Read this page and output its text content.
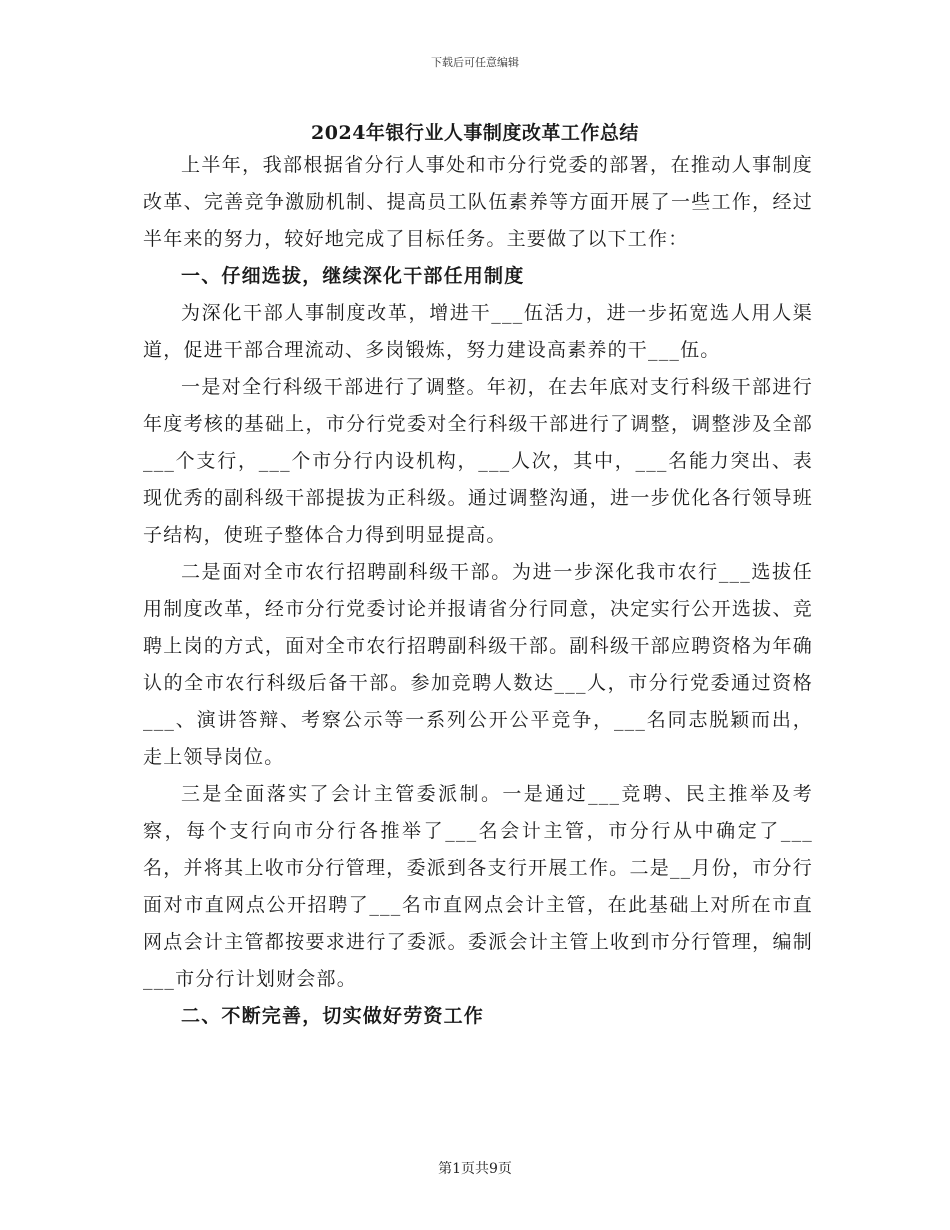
下载后可任意编辑
2024年银行业人事制度改革工作总结

上半年，我部根据省分行人事处和市分行党委的部署，在推动人事制度改革、完善竞争激励机制、提高员工队伍素养等方面开展了一些工作，经过半年来的努力，较好地完成了目标任务。主要做了以下工作：

一、仔细选拔，继续深化干部任用制度

为深化干部人事制度改革，增进干___伍活力，进一步拓宽选人用人渠道，促进干部合理流动、多岗锻炼，努力建设高素养的干___伍。

一是对全行科级干部进行了调整。年初，在去年底对支行科级干部进行年度考核的基础上，市分行党委对全行科级干部进行了调整，调整涉及全部___个支行，___个市分行内设机构，___人次，其中，___名能力突出、表现优秀的副科级干部提拔为正科级。通过调整沟通，进一步优化各行领导班子结构，使班子整体合力得到明显提高。

二是面对全市农行招聘副科级干部。为进一步深化我市农行___选拔任用制度改革，经市分行党委讨论并报请省分行同意，决定实行公开选拔、竞聘上岗的方式，面对全市农行招聘副科级干部。副科级干部应聘资格为年确认的全市农行科级后备干部。参加竞聘人数达___人，市分行党委通过资格___、演讲答辩、考察公示等一系列公开公平竞争，___名同志脱颖而出，走上领导岗位。

三是全面落实了会计主管委派制。一是通过___竞聘、民主推举及考察，每个支行向市分行各推举了___名会计主管，市分行从中确定了___名，并将其上收市分行管理，委派到各支行开展工作。二是__月份，市分行面对市直网点公开招聘了___名市直网点会计主管，在此基础上对所在市直网点会计主管都按要求进行了委派。委派会计主管上收到市分行管理，编制___市分行计划财会部。

二、不断完善，切实做好劳资工作

第1页共9页
